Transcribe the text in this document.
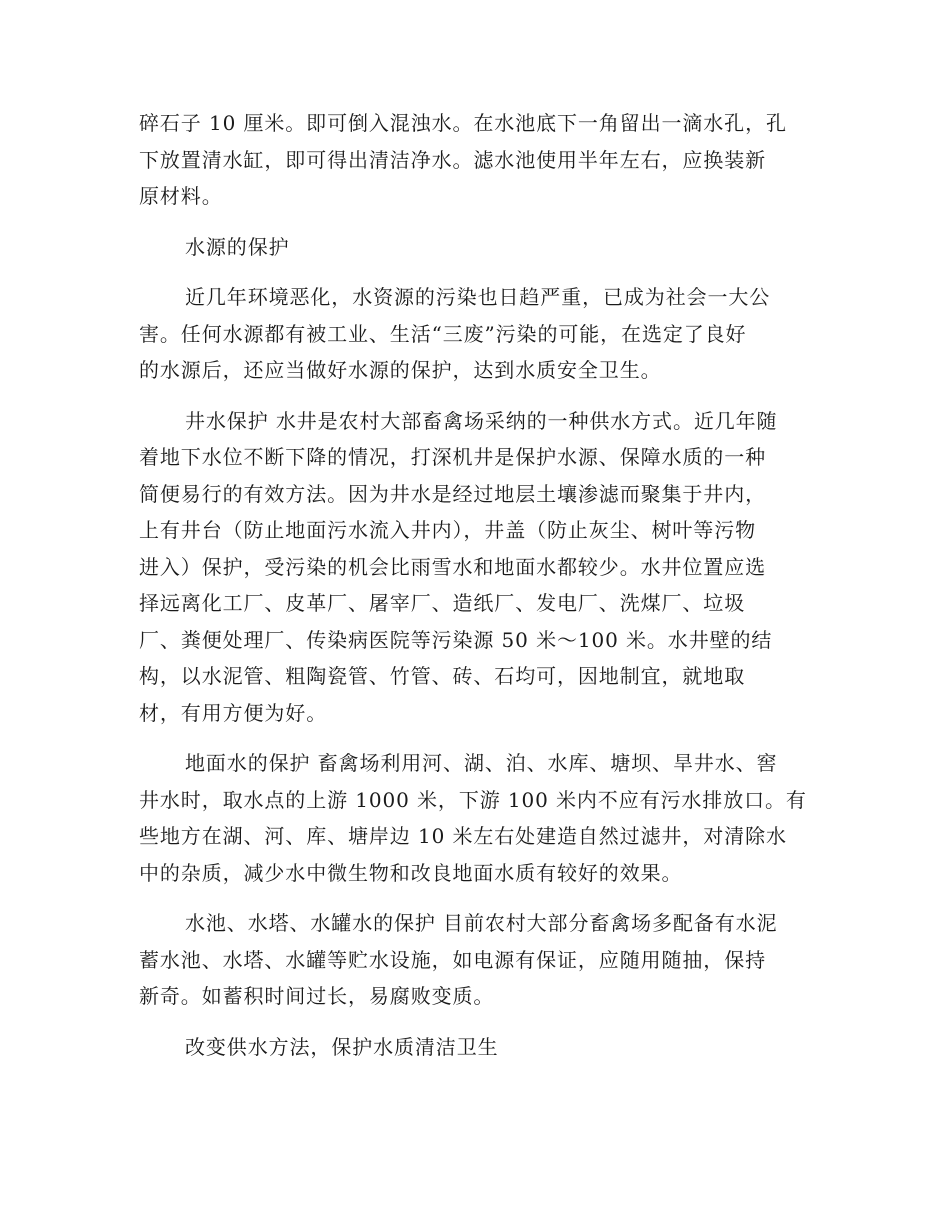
碎石子 10 厘米。即可倒入混浊水。在水池底下一角留出一滴水孔，孔
下放置清水缸，即可得出清洁净水。滤水池使用半年左右，应换装新
原材料。
水源的保护
近几年环境恶化，水资源的污染也日趋严重，已成为社会一大公
害。任何水源都有被工业、生活“三废”污染的可能，在选定了良好
的水源后，还应当做好水源的保护，达到水质安全卫生。
井水保护 水井是农村大部畜禽场采纳的一种供水方式。近几年随
着地下水位不断下降的情况，打深机井是保护水源、保障水质的一种
简便易行的有效方法。因为井水是经过地层土壤渗滤而聚集于井内，
上有井台（防止地面污水流入井内），井盖（防止灰尘、树叶等污物
进入）保护，受污染的机会比雨雪水和地面水都较少。水井位置应选
择远离化工厂、皮革厂、屠宰厂、造纸厂、发电厂、洗煤厂、垃圾
厂、粪便处理厂、传染病医院等污染源 50 米～100 米。水井壁的结
构，以水泥管、粗陶瓷管、竹管、砖、石均可，因地制宜，就地取
材，有用方便为好。
地面水的保护 畜禽场利用河、湖、泊、水库、塘坝、旱井水、窖
井水时，取水点的上游 1000 米，下游 100 米内不应有污水排放口。有
些地方在湖、河、库、塘岸边 10 米左右处建造自然过滤井，对清除水
中的杂质，减少水中微生物和改良地面水质有较好的效果。
水池、水塔、水罐水的保护 目前农村大部分畜禽场多配备有水泥
蓄水池、水塔、水罐等贮水设施，如电源有保证，应随用随抽，保持
新奇。如蓄积时间过长，易腐败变质。
改变供水方法，保护水质清洁卫生
